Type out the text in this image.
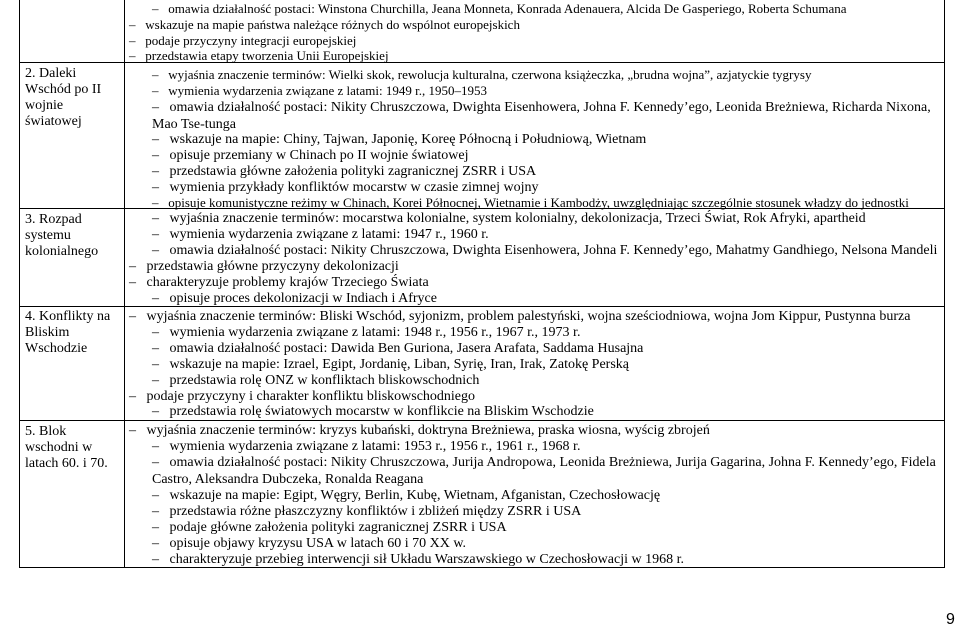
2. Daleki Wschód po II wojnie światowej
3. Rozpad systemu kolonialnego
4. Konflikty na Bliskim Wschodzie
5. Blok wschodni w latach 60. i 70.
–   omawia działalność postaci: Winstona Churchilla, Jeana Monneta, Konrada Adenauera, Alcida De Gasperiego, Roberta Schumana
–   wskazuje na mapie państwa należące różnych do wspólnot europejskich
–   podaje przyczyny integracji europejskiej
–   przedstawia etapy tworzenia Unii Europejskiej
–   wyjaśnia znaczenie terminów: Wielki skok, rewolucja kulturalna, czerwona książeczka, „brudna wojna”, azjatyckie tygrysy
–   wymienia wydarzenia związane z latami: 1949 r., 1950–1953
–   omawia działalność postaci: Nikity Chruszczowa, Dwighta Eisenhowera, Johna F. Kennedy’ego, Leonida Breżniewa, Richarda Nixona, Mao Tse-tunga
–   wskazuje na mapie: Chiny, Tajwan, Japonię, Koreę Północną i Południową, Wietnam
–   opisuje przemiany w Chinach po II wojnie światowej
–   przedstawia główne założenia polityki zagranicznej ZSRR i USA
–   wymienia przykłady konfliktów mocarstw w czasie zimnej wojny
–   opisuje komunistyczne reżimy w Chinach, Korei Północnej, Wietnamie i Kambodży, uwzględniając szczególnie stosunek władzy do jednostki
–   wyjaśnia znaczenie terminów: mocarstwa kolonialne, system kolonialny, dekolonizacja, Trzeci Świat, Rok Afryki, apartheid
–   wymienia wydarzenia związane z latami: 1947 r., 1960 r.
–   omawia działalność postaci: Nikity Chruszczowa, Dwighta Eisenhowera, Johna F. Kennedy’ego, Mahatmy Gandhiego, Nelsona Mandeli
–   przedstawia główne przyczyny dekolonizacji
–   charakteryzuje problemy krajów Trzeciego Świata
–   opisuje proces dekolonizacji w Indiach i Afryce
–   wyjaśnia znaczenie terminów: Bliski Wschód, syjonizm, problem palestyński, wojna sześciodniowa, wojna Jom Kippur, Pustynna burza
–   wymienia wydarzenia związane z latami: 1948 r., 1956 r., 1967 r., 1973 r.
–   omawia działalność postaci: Dawida Ben Guriona, Jasera Arafata, Saddama Husajna
–   wskazuje na mapie: Izrael, Egipt, Jordanię, Liban, Syrię, Iran, Irak, Zatokę Perską
–   przedstawia rolę ONZ w konfliktach bliskowschodnich
–   podaje przyczyny i charakter konfliktu bliskowschodniego
–   przedstawia rolę światowych mocarstw w konflikcie na Bliskim Wschodzie
–   wyjaśnia znaczenie terminów: kryzys kubański, doktryna Breżniewa, praska wiosna, wyścig zbrojeń
–   wymienia wydarzenia związane z latami: 1953 r., 1956 r., 1961 r., 1968 r.
–   omawia działalność postaci: Nikity Chruszczowa, Jurija Andropowa, Leonida Breżniewa, Jurija Gagarina, Johna F. Kennedy’ego, Fidela Castro, Aleksandra Dubczeka, Ronalda Reagana
–   wskazuje na mapie: Egipt, Węgry, Berlin, Kubę, Wietnam, Afganistan, Czechosłowację
–   przedstawia różne płaszczyzny konfliktów i zbliżeń między ZSRR i USA
–   podaje główne założenia polityki zagranicznej ZSRR i USA
–   opisuje objawy kryzysu USA w latach 60 i 70 XX w.
–   charakteryzuje przebieg interwencji sił Układu Warszawskiego w Czechosłowacji w 1968 r.
9
